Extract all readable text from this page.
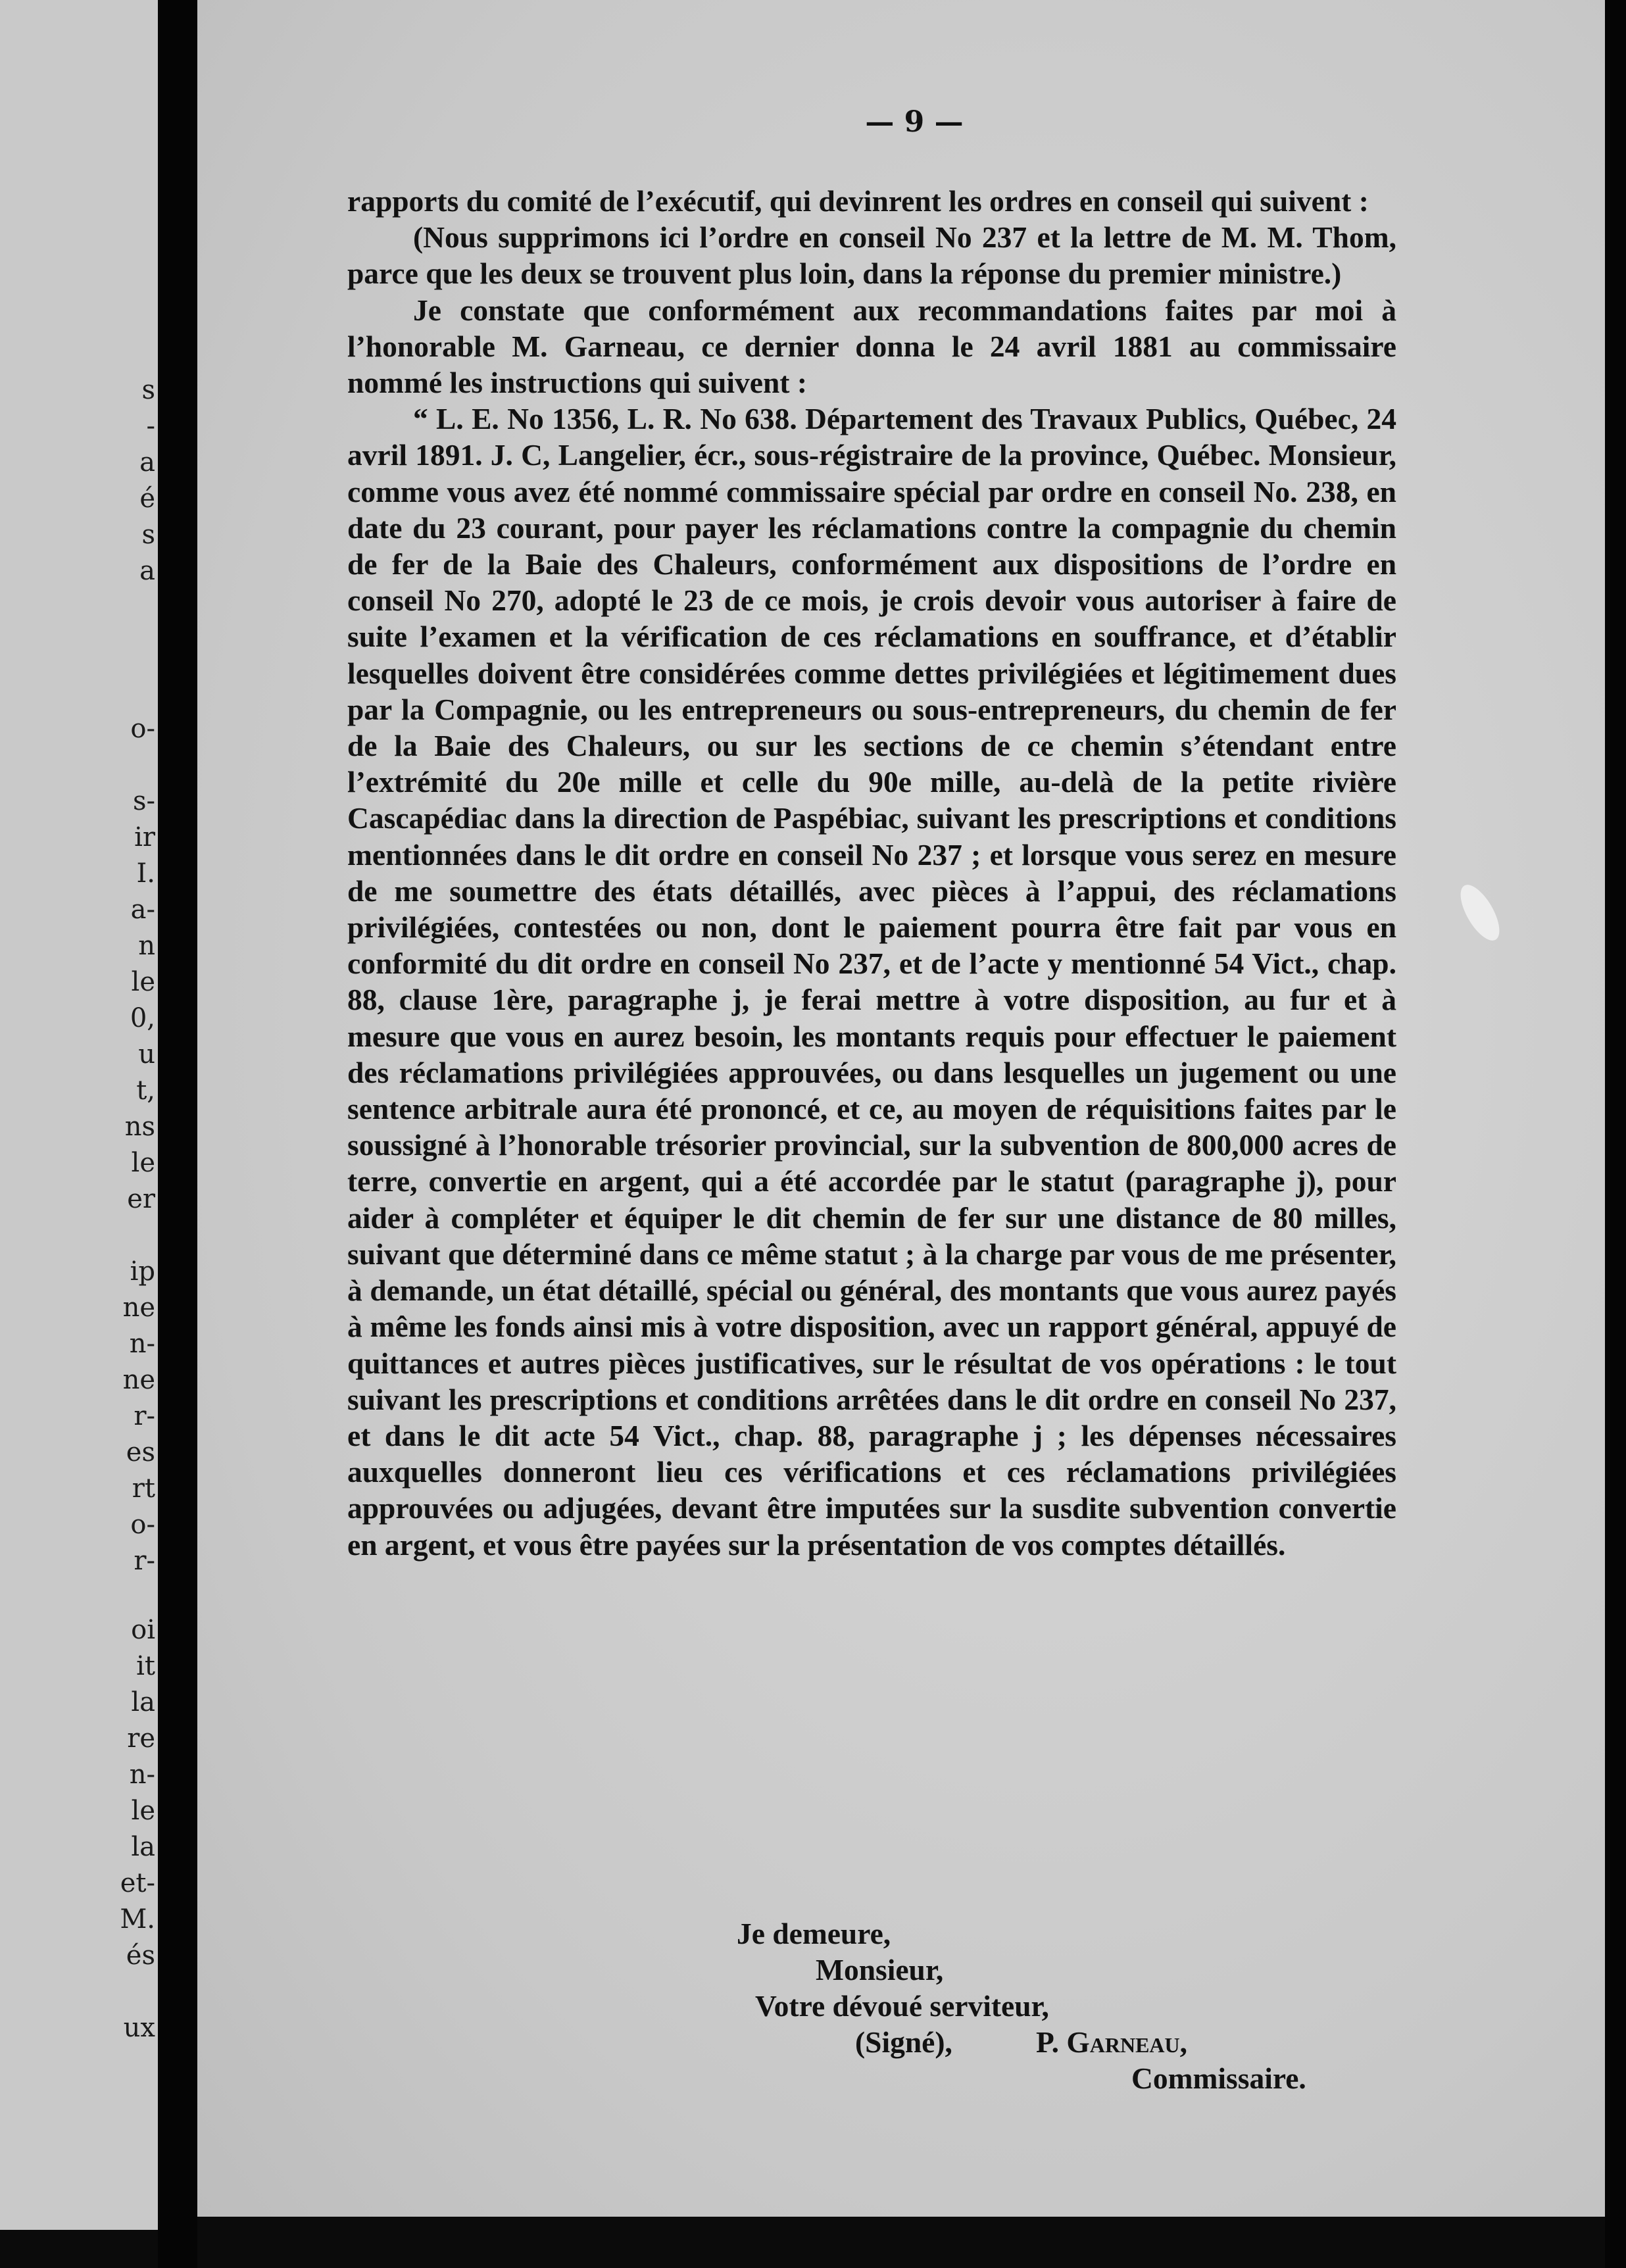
s
-
a
é
s
a
o-
s-
ir
I.
a-
n
le
0,
u
t,
ns
le
er
ip
ne
n-
ne
r-
es
rt
o-
r-
oi
it
la
re
n-
le
la
et-
M.
és
ux
— 9 —

rapports du comité de l’exécutif, qui devinrent les ordres en conseil qui suivent :

(Nous supprimons ici l’ordre en conseil No 237 et la lettre de M. M. Thom, parce que les deux se trouvent plus loin, dans la réponse du premier ministre.)

Je constate que conformément aux recommandations faites par moi à l’honorable M. Garneau, ce dernier donna le 24 avril 1881 au commissaire nommé les instructions qui suivent :

“ L. E. No 1356, L. R. No 638. Département des Travaux Publics, Québec, 24 avril 1891. J. C, Langelier, écr., sous-régistraire de la province, Québec. Monsieur, comme vous avez été nommé commissaire spécial par ordre en conseil No. 238, en date du 23 courant, pour payer les réclamations contre la compagnie du chemin de fer de la Baie des Chaleurs, conformément aux dispositions de l’ordre en conseil No 270, adopté le 23 de ce mois, je crois devoir vous autoriser à faire de suite l’examen et la vérification de ces réclamations en souffrance, et d’établir lesquelles doivent être considérées comme dettes privilégiées et légitimement dues par la Compagnie, ou les entrepreneurs ou sous-entrepreneurs, du chemin de fer de la Baie des Chaleurs, ou sur les sections de ce chemin s’étendant entre l’extrémité du 20e mille et celle du 90e mille, au-delà de la petite rivière Cascapédiac dans la direction de Paspébiac, suivant les prescriptions et conditions mentionnées dans le dit ordre en conseil No 237 ; et lorsque vous serez en mesure de me soumettre des états détaillés, avec pièces à l’appui, des réclamations privilégiées, contestées ou non, dont le paiement pourra être fait par vous en conformité du dit ordre en conseil No 237, et de l’acte y mentionné 54 Vict., chap. 88, clause 1ère, paragraphe j, je ferai mettre à votre disposition, au fur et à mesure que vous en aurez besoin, les montants requis pour effectuer le paiement des réclamations privilégiées approuvées, ou dans lesquelles un jugement ou une sentence arbitrale aura été prononcé, et ce, au moyen de réquisitions faites par le soussigné à l’honorable trésorier provincial, sur la subvention de 800,000 acres de terre, convertie en argent, qui a été accordée par le statut (paragraphe j), pour aider à compléter et équiper le dit chemin de fer sur une distance de 80 milles, suivant que déterminé dans ce même statut ; à la charge par vous de me présenter, à demande, un état détaillé, spécial ou général, des montants que vous aurez payés à même les fonds ainsi mis à votre disposition, avec un rapport général, appuyé de quittances et autres pièces justificatives, sur le résultat de vos opérations : le tout suivant les prescriptions et conditions arrêtées dans le dit ordre en conseil No 237, et dans le dit acte 54 Vict., chap. 88, paragraphe j ; les dépenses nécessaires auxquelles donneront lieu ces vérifications et ces réclamations privilégiées approuvées ou adjugées, devant être imputées sur la susdite subvention convertie en argent, et vous être payées sur la présentation de vos comptes détaillés.

Je demeure,
Monsieur,
Votre dévoué serviteur,
(Signé),	P. Garneau,
Commissaire.
